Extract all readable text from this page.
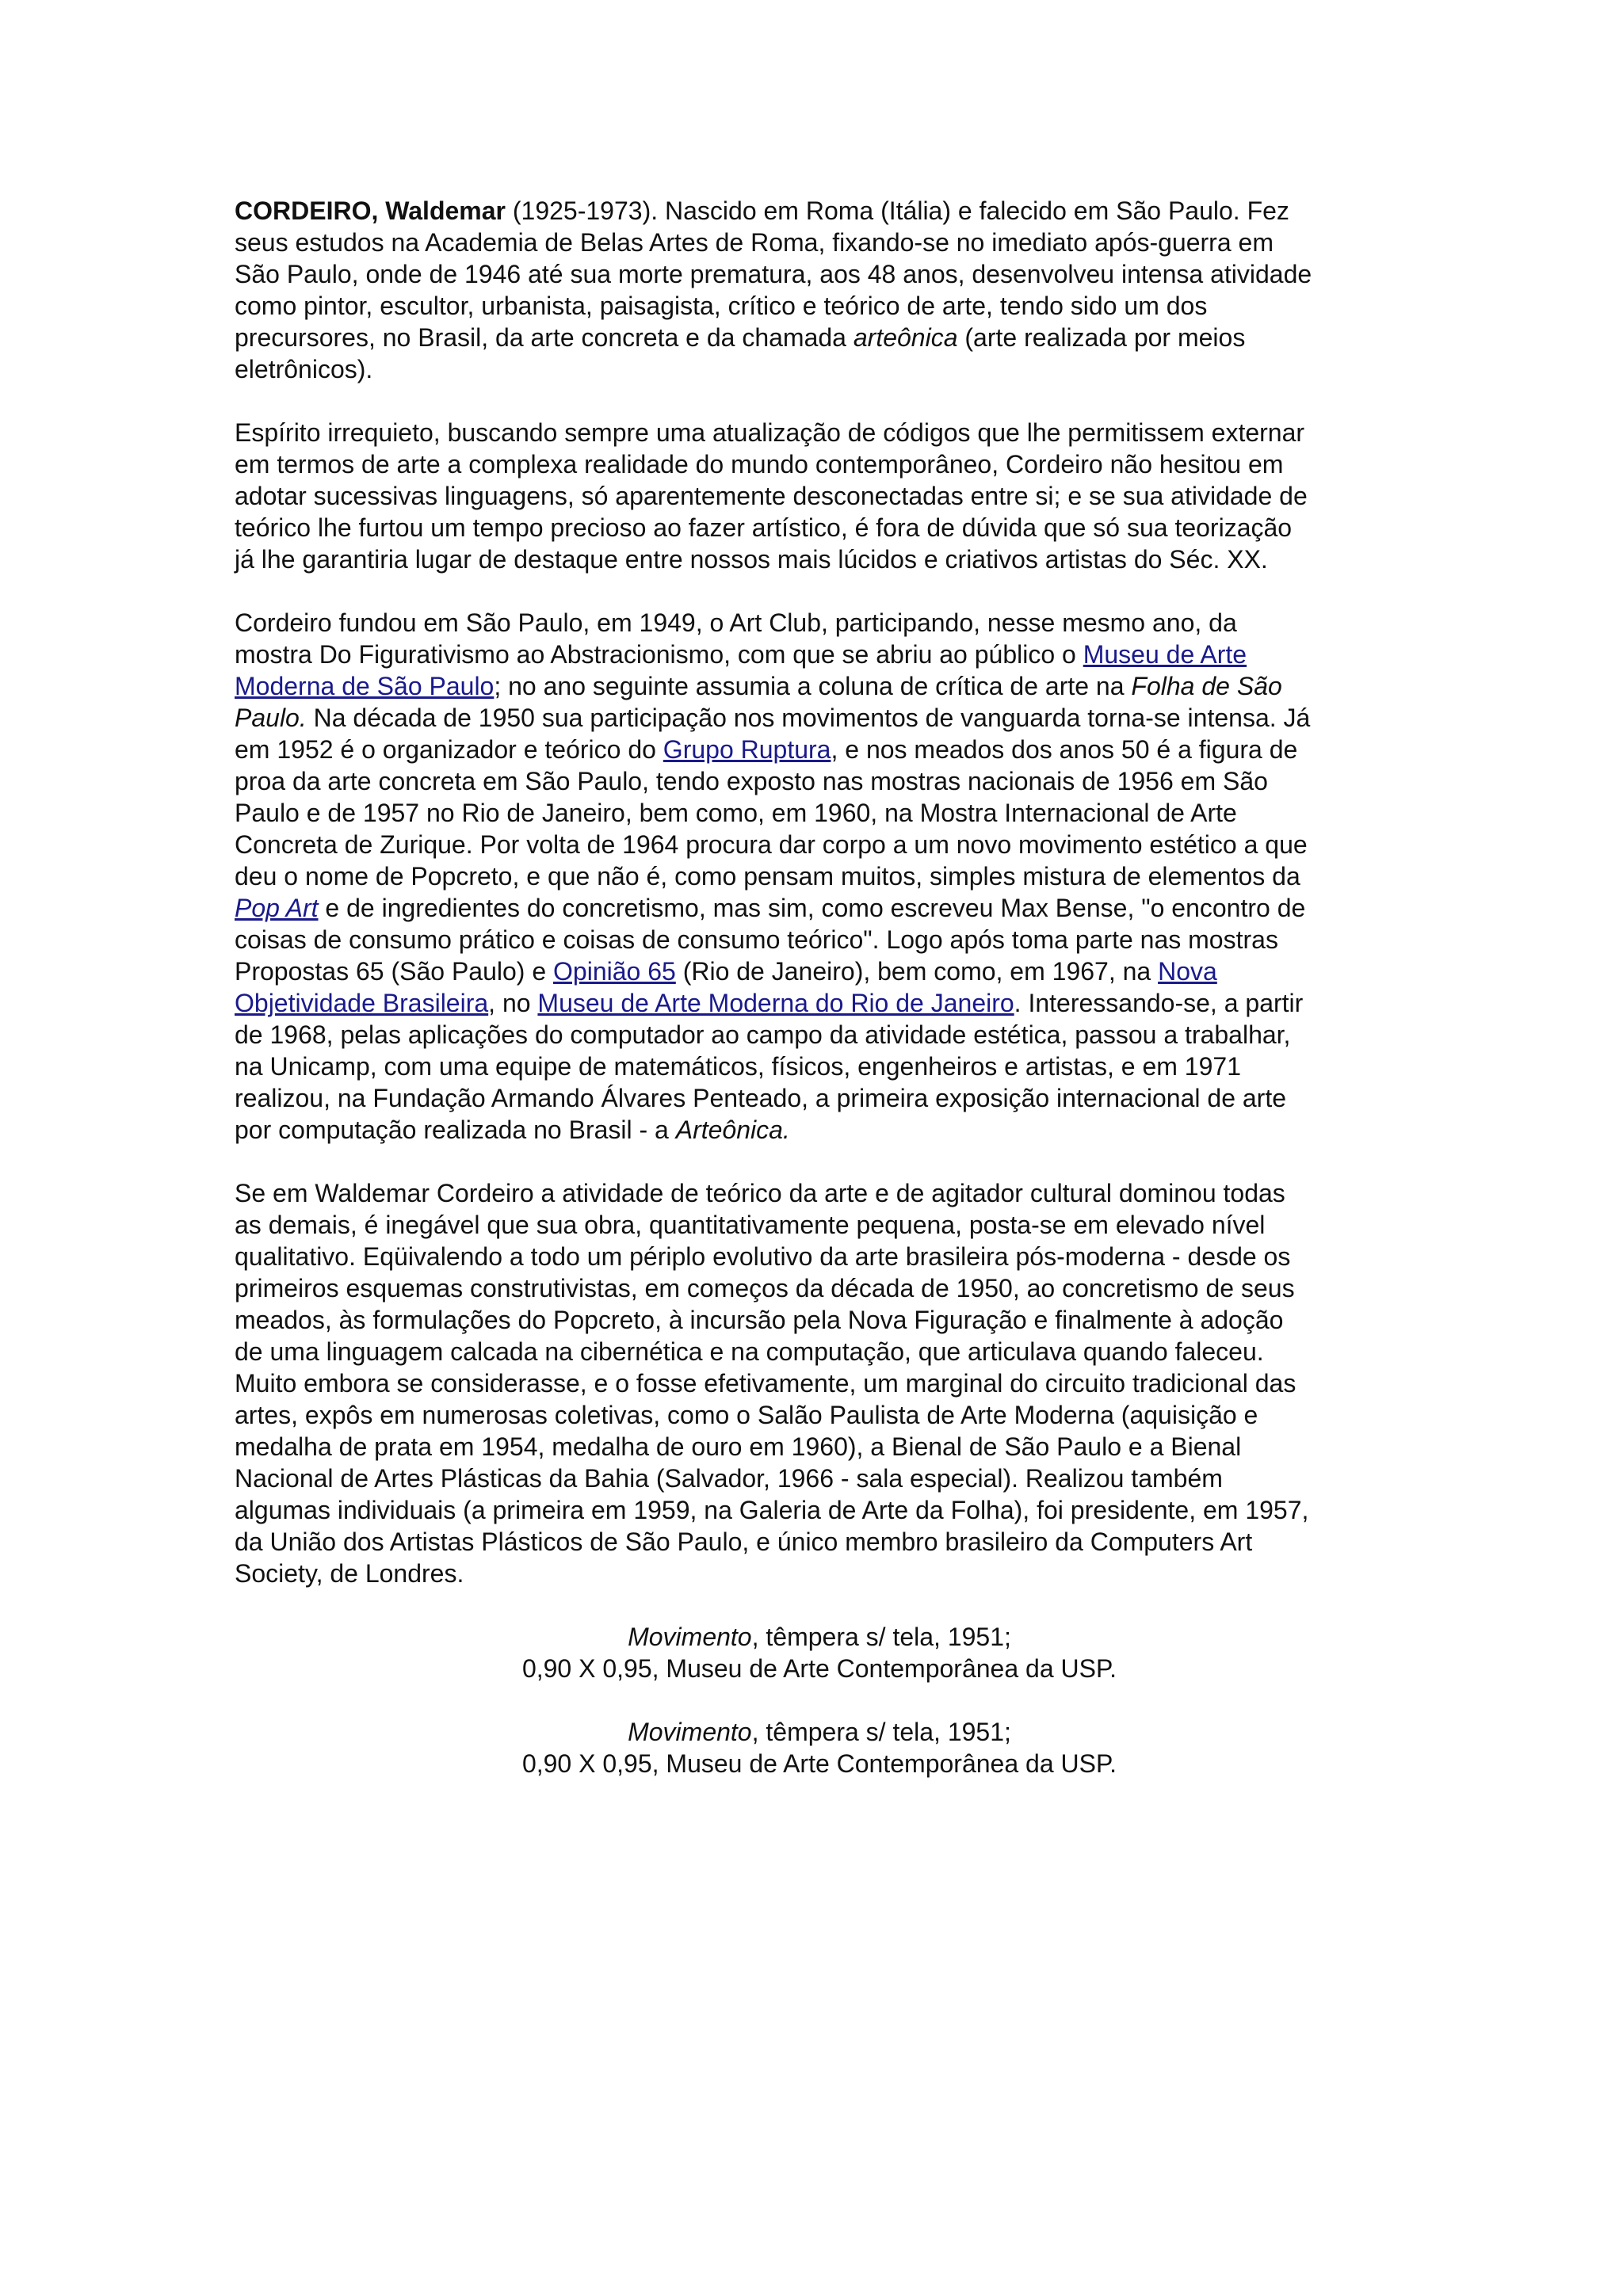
CORDEIRO, Waldemar (1925-1973). Nascido em Roma (Itália) e falecido em São Paulo. Fez
seus estudos na Academia de Belas Artes de Roma, fixando-se no imediato após-guerra em
São Paulo, onde de 1946 até sua morte prematura, aos 48 anos, desenvolveu intensa atividade
como pintor, escultor, urbanista, paisagista, crítico e teórico de arte, tendo sido um dos
precursores, no Brasil, da arte concreta e da chamada arteônica (arte realizada por meios
eletrônicos).

Espírito irrequieto, buscando sempre uma atualização de códigos que lhe permitissem externar
em termos de arte a complexa realidade do mundo contemporâneo, Cordeiro não hesitou em
adotar sucessivas linguagens, só aparentemente desconectadas entre si; e se sua atividade de
teórico lhe furtou um tempo precioso ao fazer artístico, é fora de dúvida que só sua teorização
já lhe garantiria lugar de destaque entre nossos mais lúcidos e criativos artistas do Séc. XX.

Cordeiro fundou em São Paulo, em 1949, o Art Club, participando, nesse mesmo ano, da
mostra Do Figurativismo ao Abstracionismo, com que se abriu ao público o Museu de Arte
Moderna de São Paulo; no ano seguinte assumia a coluna de crítica de arte na Folha de São
Paulo. Na década de 1950 sua participação nos movimentos de vanguarda torna-se intensa. Já
em 1952 é o organizador e teórico do Grupo Ruptura, e nos meados dos anos 50 é a figura de
proa da arte concreta em São Paulo, tendo exposto nas mostras nacionais de 1956 em São
Paulo e de 1957 no Rio de Janeiro, bem como, em 1960, na Mostra Internacional de Arte
Concreta de Zurique. Por volta de 1964 procura dar corpo a um novo movimento estético a que
deu o nome de Popcreto, e que não é, como pensam muitos, simples mistura de elementos da
Pop Art e de ingredientes do concretismo, mas sim, como escreveu Max Bense, "o encontro de
coisas de consumo prático e coisas de consumo teórico". Logo após toma parte nas mostras
Propostas 65 (São Paulo) e Opinião 65 (Rio de Janeiro), bem como, em 1967, na Nova
Objetividade Brasileira, no Museu de Arte Moderna do Rio de Janeiro. Interessando-se, a partir
de 1968, pelas aplicações do computador ao campo da atividade estética, passou a trabalhar,
na Unicamp, com uma equipe de matemáticos, físicos, engenheiros e artistas, e em 1971
realizou, na Fundação Armando Álvares Penteado, a primeira exposição internacional de arte
por computação realizada no Brasil - a Arteônica.

Se em Waldemar Cordeiro a atividade de teórico da arte e de agitador cultural dominou todas
as demais, é inegável que sua obra, quantitativamente pequena, posta-se em elevado nível
qualitativo. Eqüivalendo a todo um périplo evolutivo da arte brasileira pós-moderna - desde os
primeiros esquemas construtivistas, em começos da década de 1950, ao concretismo de seus
meados, às formulações do Popcreto, à incursão pela Nova Figuração e finalmente à adoção
de uma linguagem calcada na cibernética e na computação, que articulava quando faleceu.
Muito embora se considerasse, e o fosse efetivamente, um marginal do circuito tradicional das
artes, expôs em numerosas coletivas, como o Salão Paulista de Arte Moderna (aquisição e
medalha de prata em 1954, medalha de ouro em 1960), a Bienal de São Paulo e a Bienal
Nacional de Artes Plásticas da Bahia (Salvador, 1966 - sala especial). Realizou também
algumas individuais (a primeira em 1959, na Galeria de Arte da Folha), foi presidente, em 1957,
da União dos Artistas Plásticos de São Paulo, e único membro brasileiro da Computers Art
Society, de Londres.

Movimento, têmpera s/ tela, 1951;
0,90 X 0,95, Museu de Arte Contemporânea da USP.

Movimento, têmpera s/ tela, 1951;
0,90 X 0,95, Museu de Arte Contemporânea da USP.
